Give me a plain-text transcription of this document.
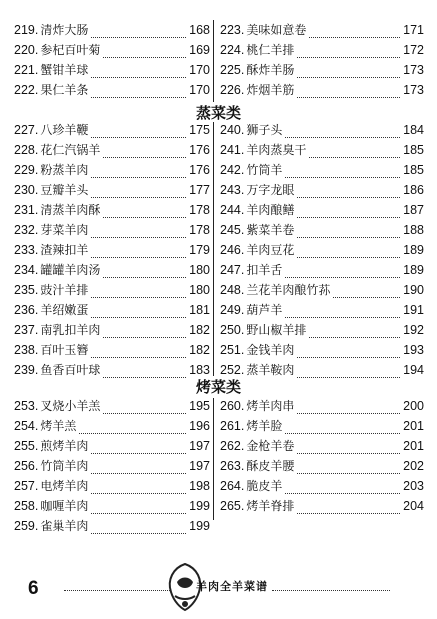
219. 清炸大肠	168
220. 参杞百叶菊	169
221. 蟹钳羊球	170
222. 果仁羊条	170
223. 美味如意卷	171
224. 桃仁羊排	172
225. 酥炸羊肠	173
226. 炸烟羊筋	173
蒸菜类
227. 八珍羊鞭	175
228. 花仁汽锅羊	176
229. 粉蒸羊肉	176
230. 豆瓣羊头	177
231. 清蒸羊肉酥	178
232. 芽菜羊肉	178
233. 渣辣扣羊	179
234. 罐罐羊肉汤	180
235. 豉汁羊排	180
236. 羊绍嫩蛋	181
237. 南乳扣羊肉	182
238. 百叶玉簪	182
239. 鱼香百叶球	183
240. 狮子头	184
241. 羊肉蒸臭干	185
242. 竹筒羊	185
243. 万字龙眼	186
244. 羊肉酿鳝	187
245. 紫菜羊卷	188
246. 羊肉豆花	189
247. 扣羊舌	189
248. 兰花羊肉酿竹荪	190
249. 葫芦羊	191
250. 野山椒羊排	192
251. 金钱羊肉	193
252. 蒸羊鞍肉	194
烤菜类
253. 叉烧小羊羔	195
254. 烤羊羔	196
255. 煎烤羊肉	197
256. 竹筒羊肉	197
257. 电烤羊肉	198
258. 咖喱羊肉	199
259. 雀巢羊肉	199
260. 烤羊肉串	200
261. 烤羊脸	201
262. 金枪羊卷	201
263. 酥皮羊腰	202
264. 脆皮羊	203
265. 烤羊脊排	204
6	羊肉全羊菜谱
